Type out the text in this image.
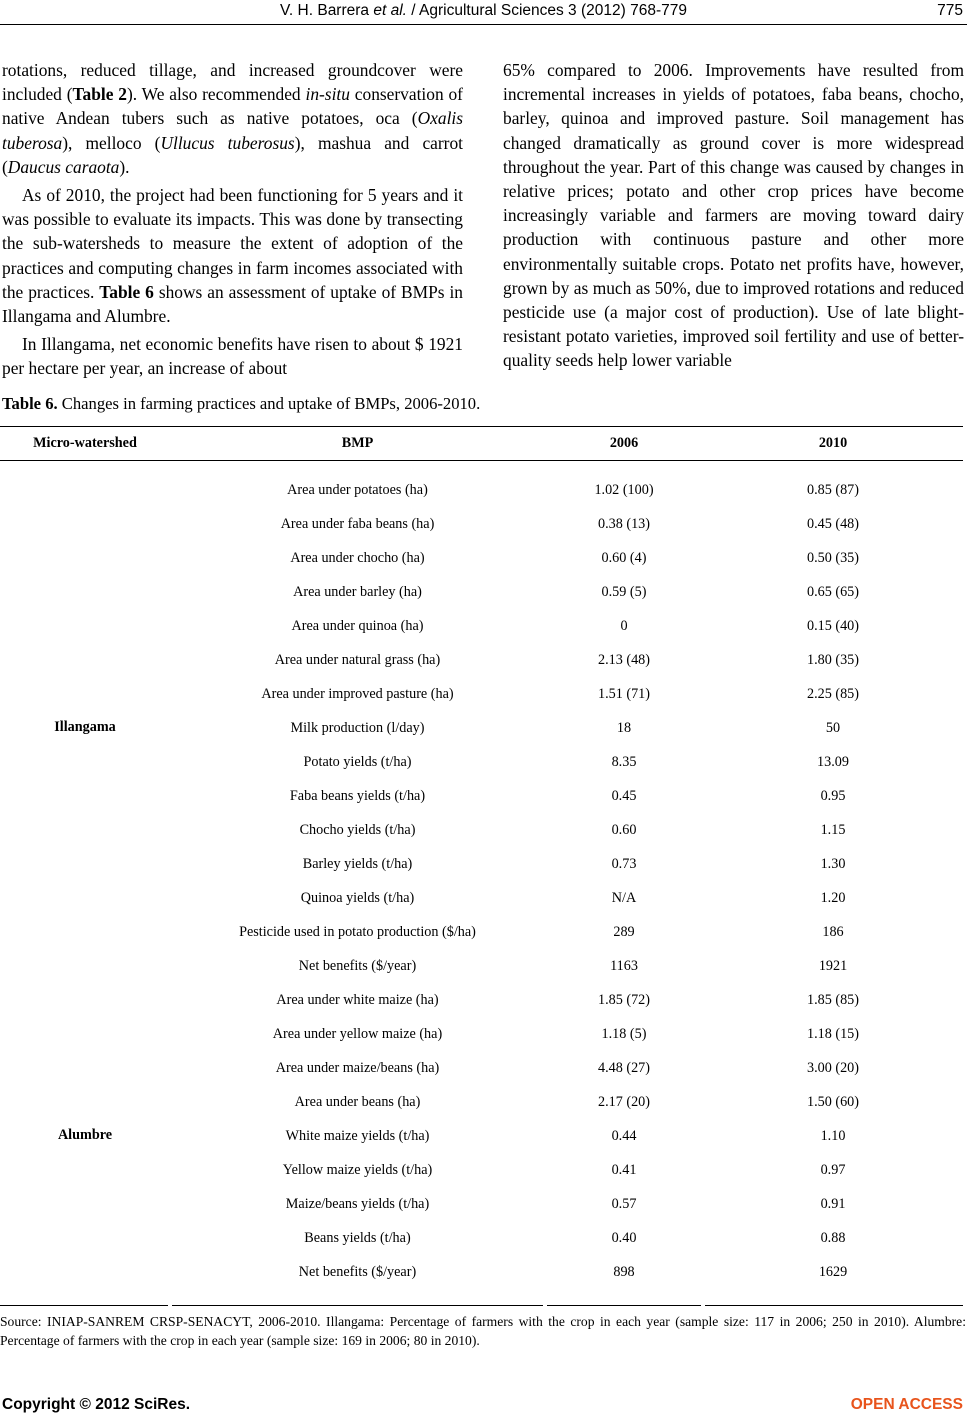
V. H. Barrera et al. / Agricultural Sciences 3 (2012) 768-779	775

rotations, reduced tillage, and increased groundcover were included (Table 2). We also recommended in-situ conservation of native Andean tubers such as native potatoes, oca (Oxalis tuberosa), melloco (Ullucus tuberosus), mashua and carrot (Daucus caraota).

As of 2010, the project had been functioning for 5 years and it was possible to evaluate its impacts. This was done by transecting the sub-watersheds to measure the extent of adoption of the practices and computing changes in farm incomes associated with the practices. Table 6 shows an assessment of uptake of BMPs in Illangama and Alumbre.

In Illangama, net economic benefits have risen to about $ 1921 per hectare per year, an increase of about

65% compared to 2006. Improvements have resulted from incremental increases in yields of potatoes, faba beans, chocho, barley, quinoa and improved pasture. Soil management has changed dramatically as ground cover is more widespread throughout the year. Part of this change was caused by changes in relative prices; potato and other crop prices have become increasingly variable and farmers are moving toward dairy production with continuous pasture and other more environmentally suitable crops. Potato net profits have, however, grown by as much as 50%, due to improved rotations and reduced pesticide use (a major cost of production). Use of late blight-resistant potato varieties, improved soil fertility and use of better-quality seeds help lower variable

Table 6. Changes in farming practices and uptake of BMPs, 2006-2010.
Micro-watershed	BMP	2006	2010
Area under potatoes (ha)	1.02 (100)	0.85 (87)
Area under faba beans (ha)	0.38 (13)	0.45 (48)
Area under chocho (ha)	0.60 (4)	0.50 (35)
Area under barley (ha)	0.59 (5)	0.65 (65)
Area under quinoa (ha)	0	0.15 (40)
Area under natural grass (ha)	2.13 (48)	1.80 (35)
Area under improved pasture (ha)	1.51 (71)	2.25 (85)
Milk production (l/day)	18	50
Potato yields (t/ha)	8.35	13.09
Faba beans yields (t/ha)	0.45	0.95
Chocho yields (t/ha)	0.60	1.15
Barley yields (t/ha)	0.73	1.30
Quinoa yields (t/ha)	N/A	1.20
Pesticide used in potato production ($/ha)	289	186
Net benefits ($/year)	1163	1921
Illangama
Area under white maize (ha)	1.85 (72)	1.85 (85)
Area under yellow maize (ha)	1.18 (5)	1.18 (15)
Area under maize/beans (ha)	4.48 (27)	3.00 (20)
Area under beans (ha)	2.17 (20)	1.50 (60)
White maize yields (t/ha)	0.44	1.10
Yellow maize yields (t/ha)	0.41	0.97
Maize/beans yields (t/ha)	0.57	0.91
Beans yields (t/ha)	0.40	0.88
Net benefits ($/year)	898	1629
Alumbre
Source: INIAP-SANREM CRSP-SENACYT, 2006-2010. Illangama: Percentage of farmers with the crop in each year (sample size: 117 in 2006; 250 in 2010). Alumbre: Percentage of farmers with the crop in each year (sample size: 169 in 2006; 80 in 2010).
Copyright © 2012 SciRes.	OPEN ACCESS
